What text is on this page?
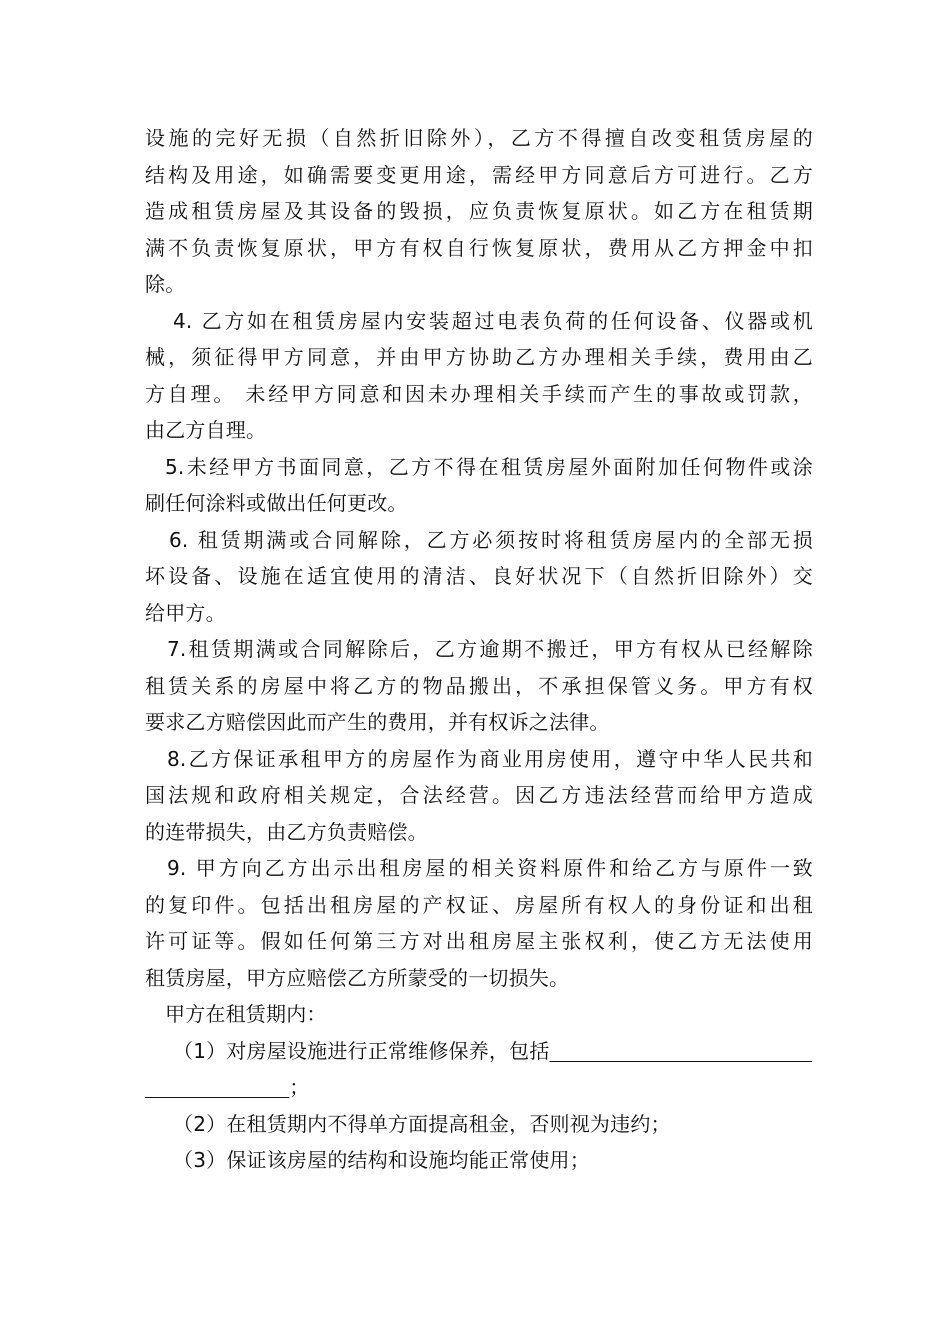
设施的完好无损（自然折旧除外），乙方不得擅自改变租赁房屋的
结构及用途，如确需要变更用途，需经甲方同意后方可进行。乙方
造成租赁房屋及其设备的毁损，应负责恢复原状。如乙方在租赁期
满不负责恢复原状，甲方有权自行恢复原状，费用从乙方押金中扣
除。
4. 乙方如在租赁房屋内安装超过电表负荷的任何设备、仪器或机
械，须征得甲方同意，并由甲方协助乙方办理相关手续，费用由乙
方自理。 未经甲方同意和因未办理相关手续而产生的事故或罚款，
由乙方自理。
5.未经甲方书面同意，乙方不得在租赁房屋外面附加任何物件或涂
刷任何涂料或做出任何更改。
6. 租赁期满或合同解除，乙方必须按时将租赁房屋内的全部无损
坏设备、设施在适宜使用的清洁、良好状况下（自然折旧除外）交
给甲方。
7.租赁期满或合同解除后，乙方逾期不搬迁，甲方有权从已经解除
租赁关系的房屋中将乙方的物品搬出，不承担保管义务。甲方有权
要求乙方赔偿因此而产生的费用，并有权诉之法律。
8.乙方保证承租甲方的房屋作为商业用房使用，遵守中华人民共和
国法规和政府相关规定，合法经营。因乙方违法经营而给甲方造成
的连带损失，由乙方负责赔偿。
9. 甲方向乙方出示出租房屋的相关资料原件和给乙方与原件一致
的复印件。包括出租房屋的产权证、房屋所有权人的身份证和出租
许可证等。假如任何第三方对出租房屋主张权利，使乙方无法使用
租赁房屋，甲方应赔偿乙方所蒙受的一切损失。
甲方在租赁期内：
（1）对房屋设施进行正常维修保养，包括
；
（2）在租赁期内不得单方面提高租金，否则视为违约；
（3）保证该房屋的结构和设施均能正常使用；
